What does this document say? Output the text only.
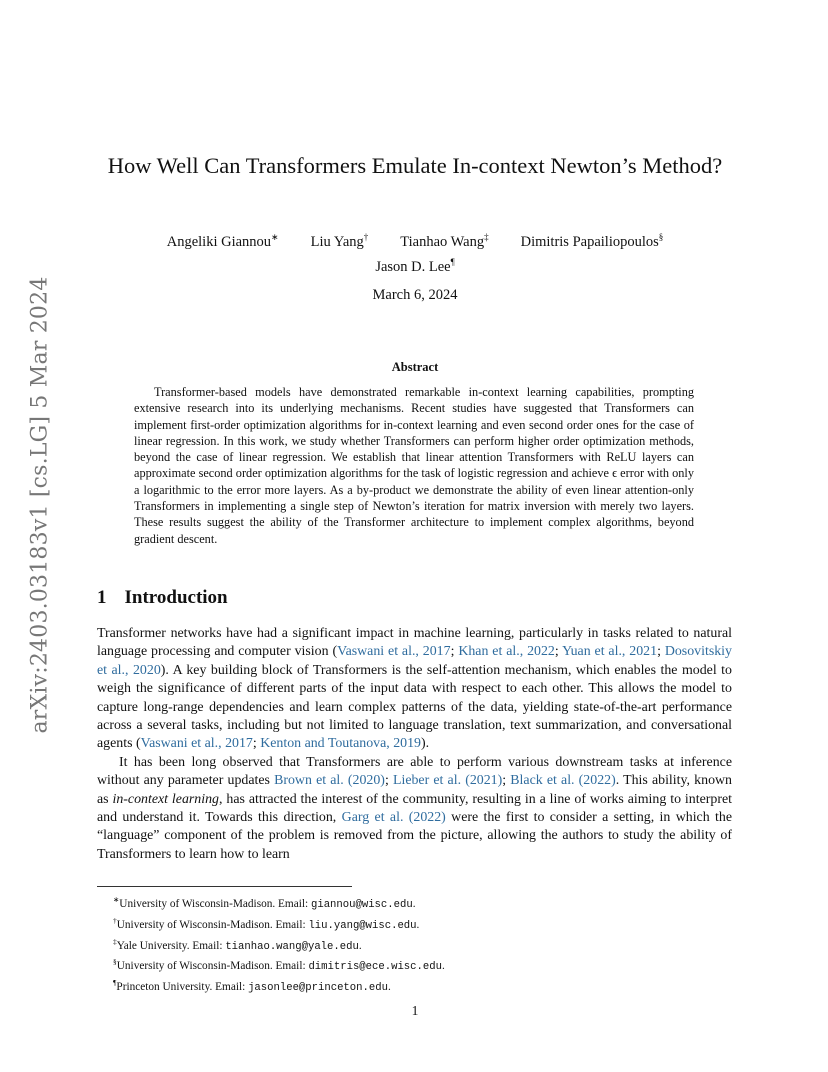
arXiv:2403.03183v1 [cs.LG] 5 Mar 2024
How Well Can Transformers Emulate In-context Newton’s Method?
Angeliki Giannou∗ Liu Yang† Tianhao Wang‡ Dimitris Papailiopoulos§
Jason D. Lee¶
March 6, 2024
Abstract

Transformer-based models have demonstrated remarkable in-context learning capabilities, prompting extensive research into its underlying mechanisms. Recent studies have suggested that Transformers can implement first-order optimization algorithms for in-context learning and even second order ones for the case of linear regression. In this work, we study whether Transformers can perform higher order optimization methods, beyond the case of linear regression. We establish that linear attention Transformers with ReLU layers can approximate second order optimization algorithms for the task of logistic regression and achieve ϵ error with only a logarithmic to the error more layers. As a by-product we demonstrate the ability of even linear attention-only Transformers in implementing a single step of Newton’s iteration for matrix inversion with merely two layers. These results suggest the ability of the Transformer architecture to implement complex algorithms, beyond gradient descent.

1 Introduction

Transformer networks have had a significant impact in machine learning, particularly in tasks related to natural language processing and computer vision (Vaswani et al., 2017; Khan et al., 2022; Yuan et al., 2021; Dosovitskiy et al., 2020). A key building block of Transformers is the self-attention mechanism, which enables the model to weigh the significance of different parts of the input data with respect to each other. This allows the model to capture long-range dependencies and learn complex patterns of the data, yielding state-of-the-art performance across a several tasks, including but not limited to language translation, text summarization, and conversational agents (Vaswani et al., 2017; Kenton and Toutanova, 2019).

It has been long observed that Transformers are able to perform various downstream tasks at inference without any parameter updates Brown et al. (2020); Lieber et al. (2021); Black et al. (2022). This ability, known as in-context learning, has attracted the interest of the community, resulting in a line of works aiming to interpret and understand it. Towards this direction, Garg et al. (2022) were the first to consider a setting, in which the “language” component of the problem is removed from the picture, allowing the authors to study the ability of Transformers to learn how to learn

∗University of Wisconsin-Madison. Email: giannou@wisc.edu.
†University of Wisconsin-Madison. Email: liu.yang@wisc.edu.
‡Yale University. Email: tianhao.wang@yale.edu.
§University of Wisconsin-Madison. Email: dimitris@ece.wisc.edu.
¶Princeton University. Email: jasonlee@princeton.edu.
1
